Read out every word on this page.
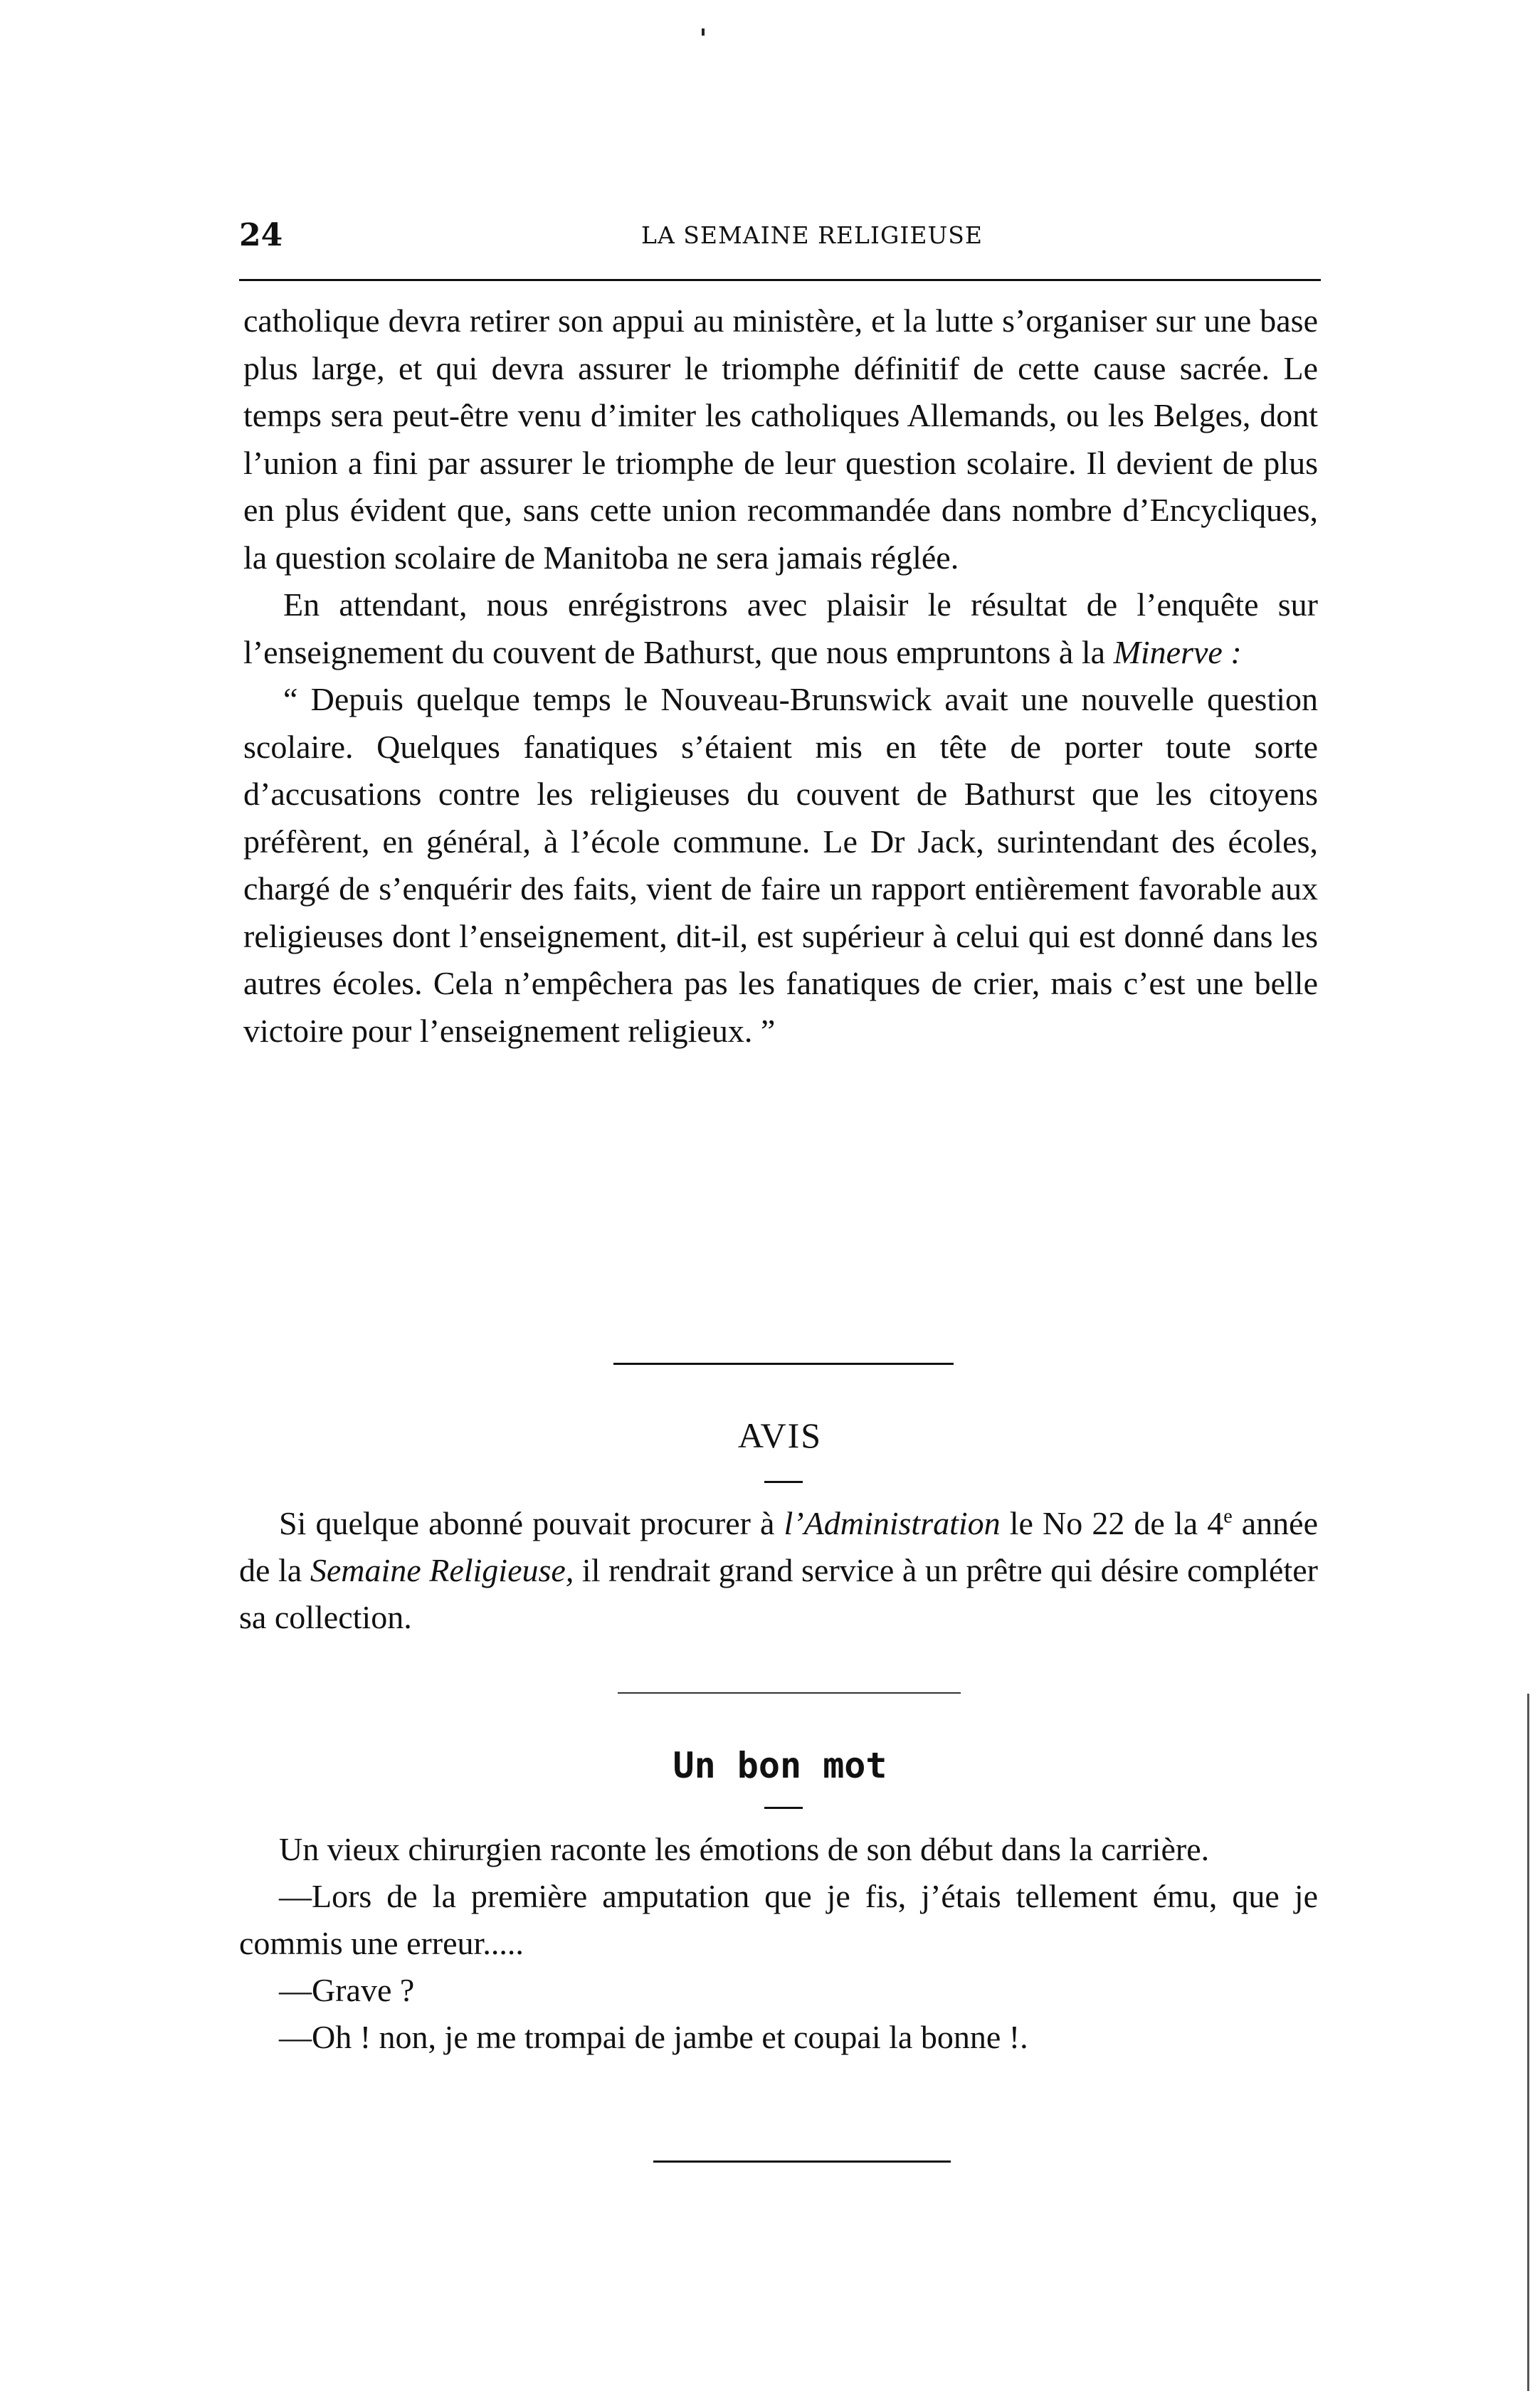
24	LA SEMAINE RELIGIEUSE

catholique devra retirer son appui au ministère, et la lutte s’organiser sur une base plus large, et qui devra assurer le triomphe définitif de cette cause sacrée. Le temps sera peut-être venu d’imiter les catholiques Allemands, ou les Belges, dont l’union a fini par assurer le triomphe de leur question scolaire. Il devient de plus en plus évident que, sans cette union recommandée dans nombre d’Encycliques, la question scolaire de Manitoba ne sera jamais réglée.

En attendant, nous enrégistrons avec plaisir le résultat de l’enquête sur l’enseignement du couvent de Bathurst, que nous empruntons à la Minerve :

“ Depuis quelque temps le Nouveau-Brunswick avait une nouvelle question scolaire. Quelques fanatiques s’étaient mis en tête de porter toute sorte d’accusations contre les religieuses du couvent de Bathurst que les citoyens préfèrent, en général, à l’école commune. Le Dr Jack, surintendant des écoles, chargé de s’enquérir des faits, vient de faire un rapport entièrement favorable aux religieuses dont l’enseignement, dit-il, est supérieur à celui qui est donné dans les autres écoles. Cela n’empêchera pas les fanatiques de crier, mais c’est une belle victoire pour l’enseignement religieux. ”

AVIS

Si quelque abonné pouvait procurer à l’Administration le No 22 de la 4e année de la Semaine Religieuse, il rendrait grand service à un prêtre qui désire compléter sa collection.

Un bon mot

Un vieux chirurgien raconte les émotions de son début dans la carrière.

—Lors de la première amputation que je fis, j’étais tellement ému, que je commis une erreur.....

—Grave ?

—Oh ! non, je me trompai de jambe et coupai la bonne !.
